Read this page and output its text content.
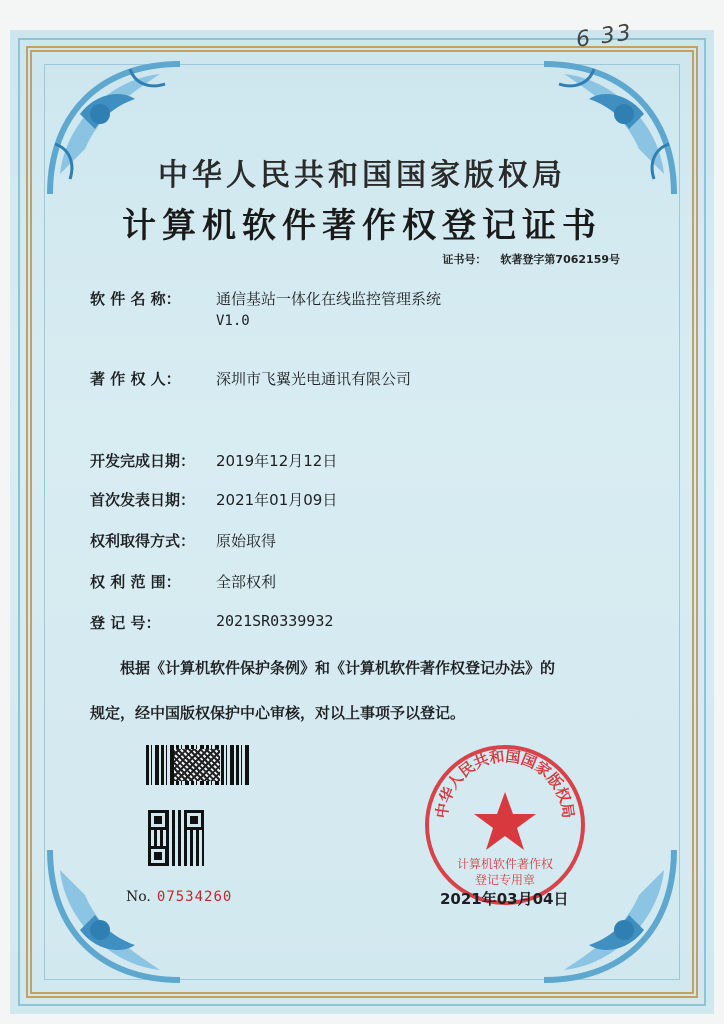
6 33
中华人民共和国国家版权局
计算机软件著作权登记证书
证书号： 软著登字第7062159号
软 件 名 称： 通信基站一体化在线监控管理系统
V1.0
著 作 权 人： 深圳市飞翼光电通讯有限公司
开发完成日期： 2019年12月12日
首次发表日期： 2021年01月09日
权利取得方式： 原始取得
权 利 范 围： 全部权利
登 记 号：	2021SR0339932
根据《计算机软件保护条例》和《计算机软件著作权登记办法》的
规定，经中国版权保护中心审核，对以上事项予以登记。
No. 07534260
中华人民共和国国家版权局
计算机软件著作权
登记专用章
2021年03月04日
